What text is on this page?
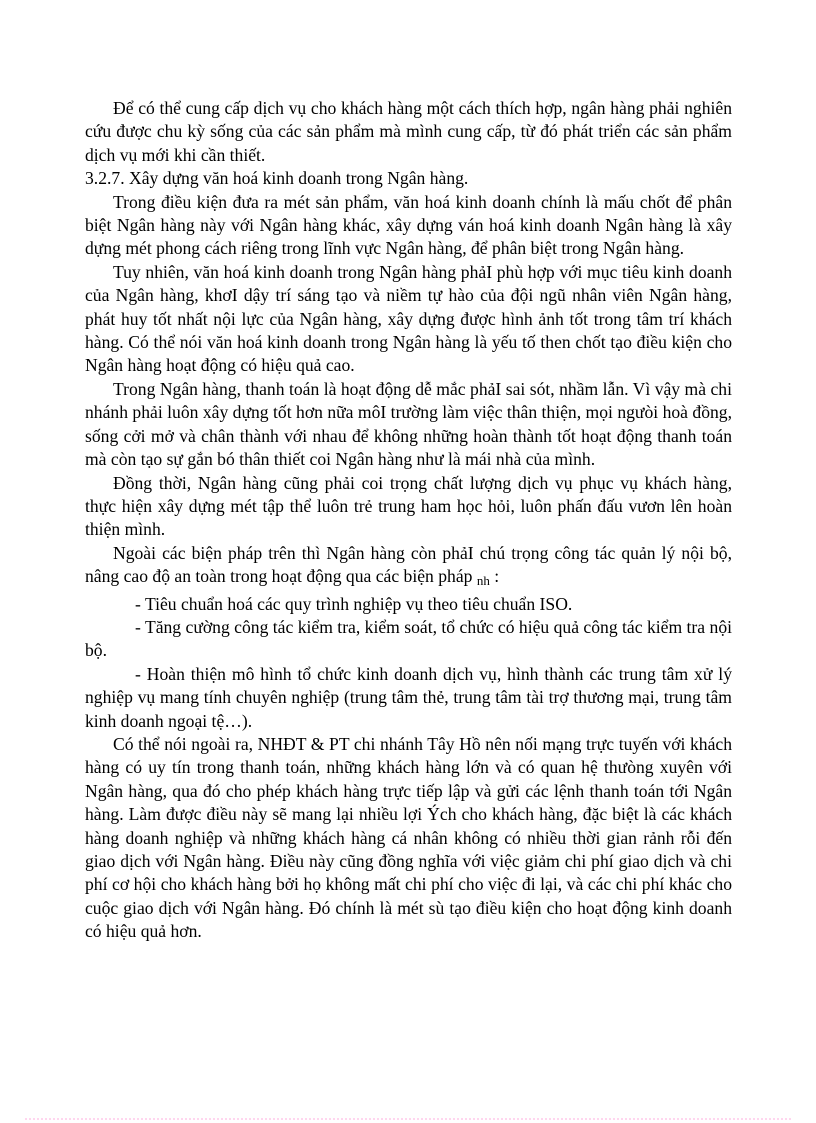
Để có thể cung cấp dịch vụ cho khách hàng một cách thích hợp, ngân hàng phải nghiên cứu được chu kỳ sống của các sản phẩm mà mình cung cấp, từ đó phát triển các sản phẩm dịch vụ mới khi cần thiết.

3.2.7. Xây dựng văn hoá kinh doanh trong Ngân hàng.

Trong điều kiện đưa ra mét sản phẩm, văn hoá kinh doanh chính là mấu chốt để phân biệt Ngân hàng này với Ngân hàng khác, xây dựng ván hoá kinh doanh Ngân hàng là xây dựng mét phong cách riêng trong lĩnh vực Ngân hàng, để phân biệt trong Ngân hàng.

Tuy nhiên, văn hoá kinh doanh trong Ngân hàng phảI phù hợp với mục tiêu kinh doanh của Ngân hàng, khơI dậy trí sáng tạo và niềm tự hào của đội ngũ nhân viên Ngân hàng, phát huy tốt nhất nội lực của Ngân hàng, xây dựng được hình ảnh tốt trong tâm trí khách hàng. Có thể nói văn hoá kinh doanh trong Ngân hàng là yếu tố then chốt tạo điều kiện cho Ngân hàng hoạt động có hiệu quả cao.

Trong Ngân hàng, thanh toán là hoạt động dễ mắc phảI sai sót, nhầm lẫn. Vì vậy mà chi nhánh phải luôn xây dựng tốt hơn nữa môI trường làm việc thân thiện, mọi ngưòi hoà đồng, sống cởi mở và chân thành với nhau để không những hoàn thành tốt hoạt động thanh toán mà còn tạo sự gắn bó thân thiết coi Ngân hàng như là mái nhà của mình.

Đồng thời, Ngân hàng cũng phải coi trọng chất lượng dịch vụ phục vụ khách hàng, thực hiện xây dựng mét tập thể luôn trẻ trung ham học hỏi, luôn phấn đấu vươn lên hoàn thiện mình.

Ngoài các biện pháp trên thì Ngân hàng còn phảI chú trọng công tác quản lý nội bộ, nâng cao độ an toàn trong hoạt động qua các biện pháp $_{nh}$ :

- Tiêu chuẩn hoá các quy trình nghiệp vụ theo tiêu chuẩn ISO.

- Tăng cường công tác kiểm tra, kiểm soát, tổ chức có hiệu quả công tác kiểm tra nội bộ.

- Hoàn thiện mô hình tổ chức kinh doanh dịch vụ, hình thành các trung tâm xử lý nghiệp vụ mang tính chuyên nghiệp (trung tâm thẻ, trung tâm tài trợ thương mại, trung tâm kinh doanh ngoại tệ…).

Có thể nói ngoài ra, NHĐT & PT chi nhánh Tây Hồ nên nối mạng trực tuyến với khách hàng có uy tín trong thanh toán, những khách hàng lớn và có quan hệ thưòng xuyên với Ngân hàng, qua đó cho phép khách hàng trực tiếp lập và gửi các lệnh thanh toán tới Ngân hàng. Làm được điều này sẽ mang lại nhiều lợi Ých cho khách hàng, đặc biệt là các khách hàng doanh nghiệp và những khách hàng cá nhân không có nhiều thời gian rảnh rỗi đến giao dịch với Ngân hàng. Điều này cũng đồng nghĩa với việc giảm chi phí giao dịch và chi phí cơ hội cho khách hàng bởi họ không mất chi phí cho việc đi lại, và các chi phí khác cho cuộc giao dịch với Ngân hàng. Đó chính là mét sù tạo điều kiện cho hoạt động kinh doanh có hiệu quả hơn.
